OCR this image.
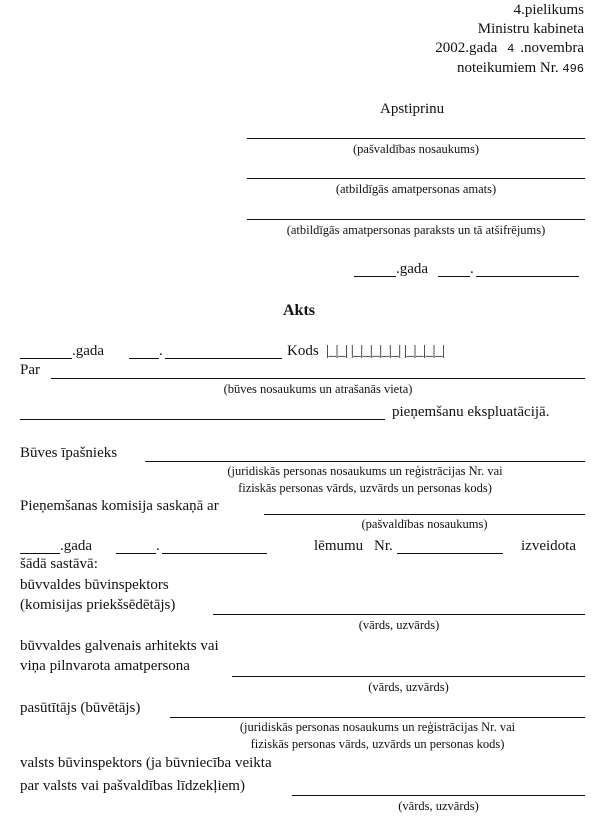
4.pielikums
Ministru kabineta
2002.gada 4 .novembra
noteikumiem Nr. 496
Apstiprinu
(pašvaldības nosaukums)
(atbildīgās amatpersonas amats)
(atbildīgās amatpersonas paraksts un tā atšifrējums)
.gada	.
Akts
.gada	.	Kods |_|_| |_|_|_|_|_| |_|_|_|_|
Par
(būves nosaukums un atrašanās vieta)
pieņemšanu ekspluatācijā.
Būves īpašnieks
(juridiskās personas nosaukums un reģistrācijas Nr. vai
fiziskās personas vārds, uzvārds un personas kods)
Pieņemšanas komisija saskaņā ar
(pašvaldības nosaukums)
.gada	.	lēmumu Nr.	izveidota
šādā sastāvā:
būvvaldes būvinspektors
(komisijas priekšsēdētājs)
(vārds, uzvārds)
būvvaldes galvenais arhitekts vai
viņa pilnvarota amatpersona
(vārds, uzvārds)
pasūtītājs (būvētājs)
(juridiskās personas nosaukums un reģistrācijas Nr. vai
fiziskās personas vārds, uzvārds un personas kods)
valsts būvinspektors (ja būvniecība veikta
par valsts vai pašvaldības līdzekļiem)
(vārds, uzvārds)
